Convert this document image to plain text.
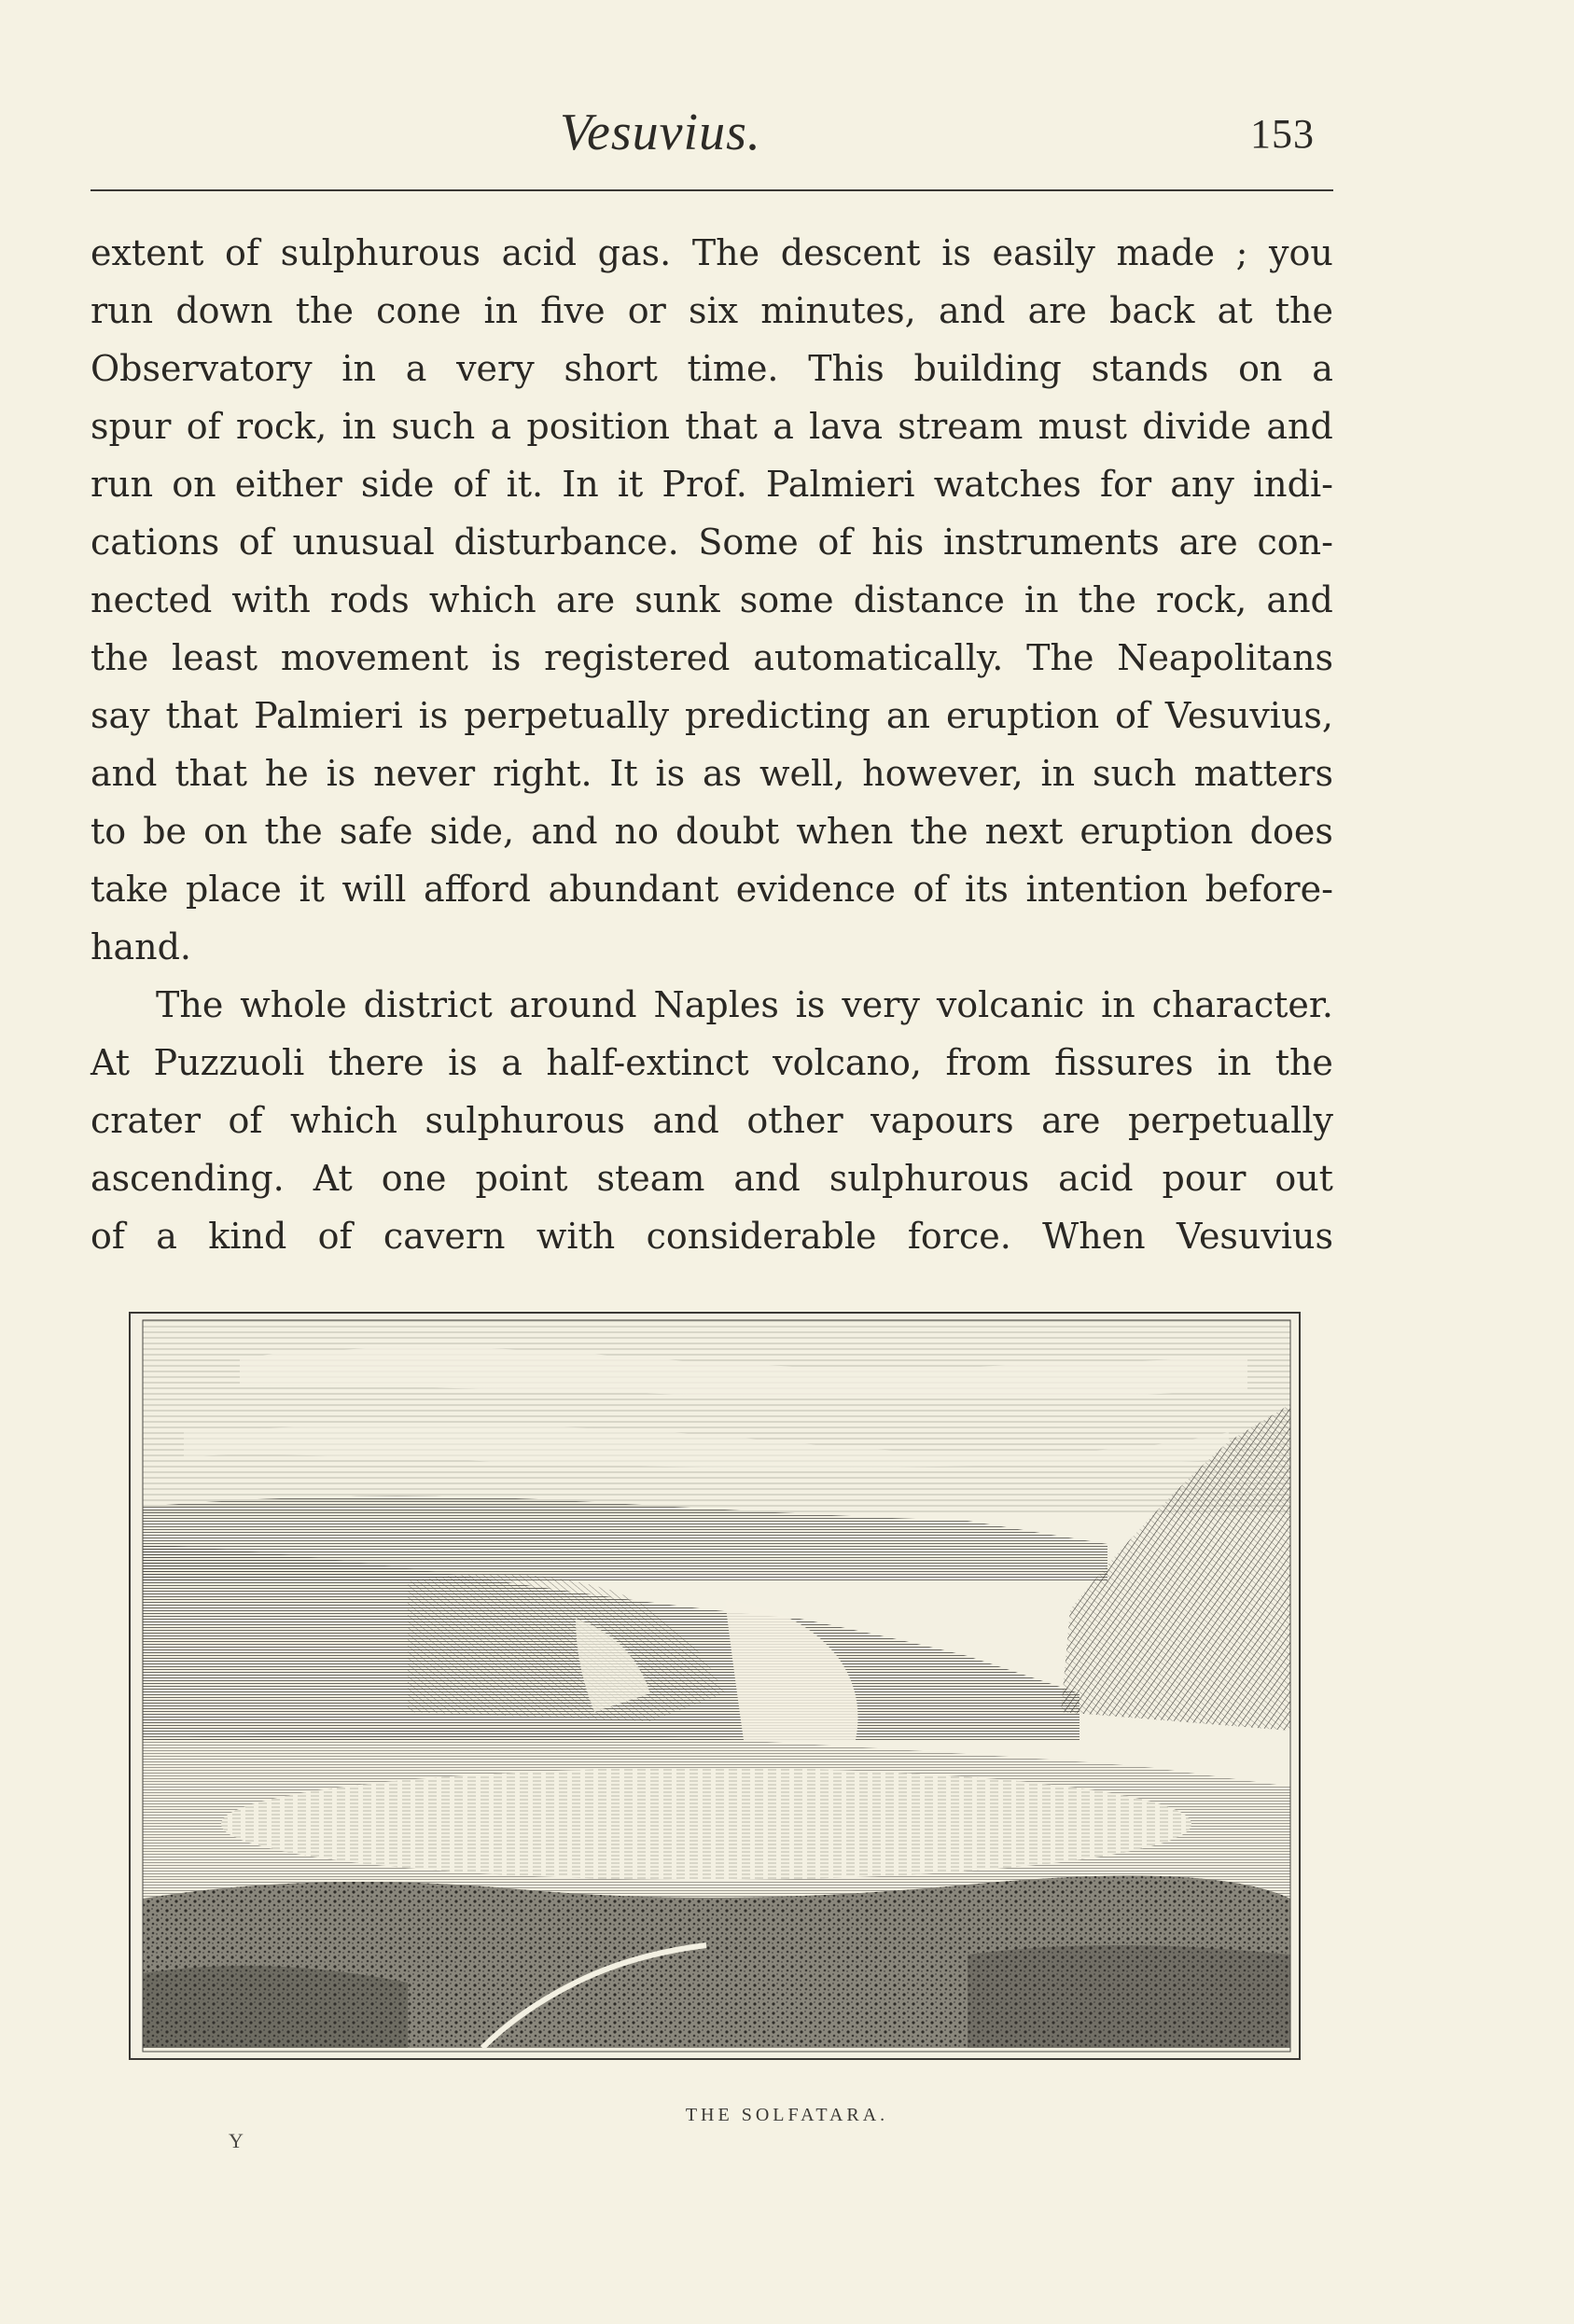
Vesuvius.	153
extent of sulphurous acid gas. The descent is easily made ; you
run down the cone in five or six minutes, and are back at the
Observatory in a very short time. This building stands on a
spur of rock, in such a position that a lava stream must divide and
run on either side of it. In it Prof. Palmieri watches for any indi-
cations of unusual disturbance. Some of his instruments are con-
nected with rods which are sunk some distance in the rock, and
the least movement is registered automatically. The Neapolitans
say that Palmieri is perpetually predicting an eruption of Vesuvius,
and that he is never right. It is as well, however, in such matters
to be on the safe side, and no doubt when the next eruption does
take place it will afford abundant evidence of its intention before-
hand.
The whole district around Naples is very volcanic in character.
At Puzzuoli there is a half-extinct volcano, from fissures in the
crater of which sulphurous and other vapours are perpetually
ascending. At one point steam and sulphurous acid pour out
of a kind of cavern with considerable force. When Vesuvius
THE SOLFATARA.
Y
